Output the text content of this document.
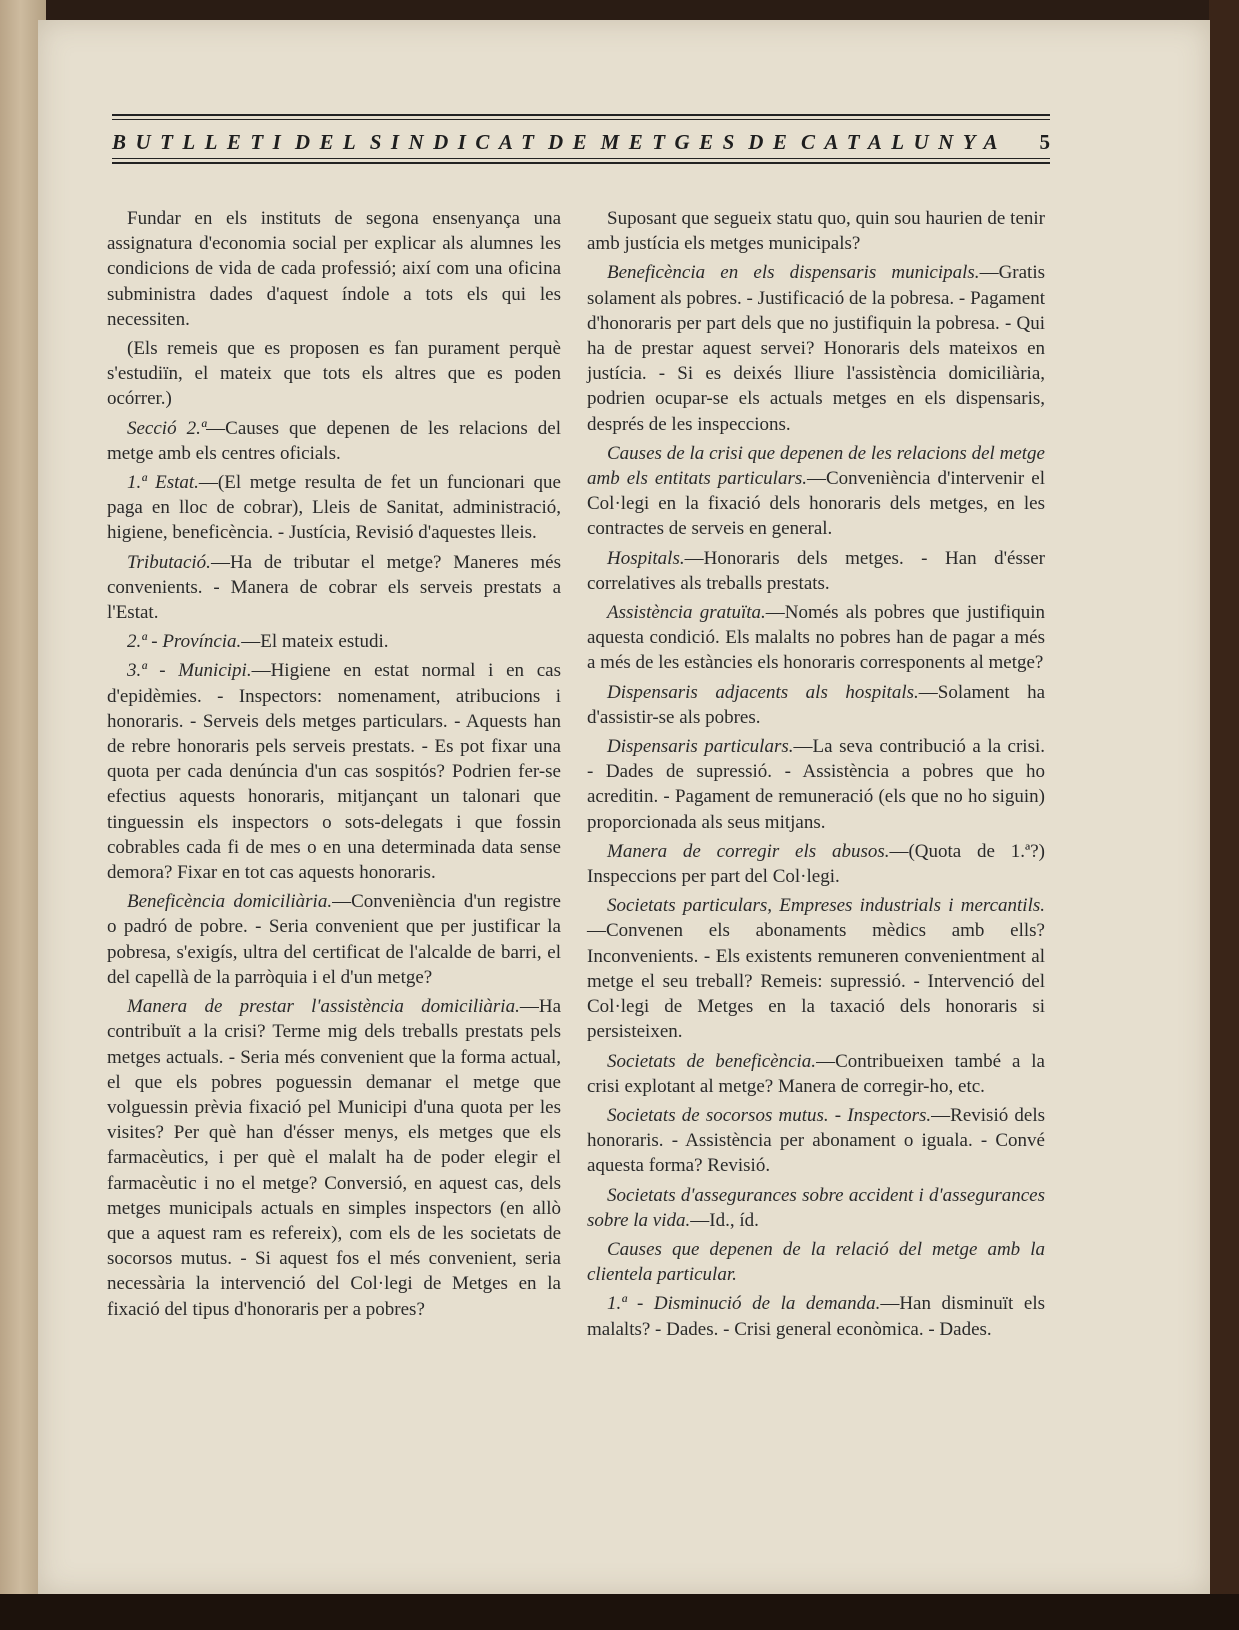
BUTLLETI DEL SINDICAT DE METGES DE CATALUNYA 5

Fundar en els instituts de segona ensenyança una assignatura d'economia social per explicar als alumnes les condicions de vida de cada professió; així com una oficina subministra dades d'aquest índole a tots els qui les necessiten.

(Els remeis que es proposen es fan purament perquè s'estudiïn, el mateix que tots els altres que es poden ocórrer.)

Secció 2.ª—Causes que depenen de les relacions del metge amb els centres oficials.

1.ª Estat.—(El metge resulta de fet un funcionari que paga en lloc de cobrar), Lleis de Sanitat, administració, higiene, beneficència. - Justícia, Revisió d'aquestes lleis.

Tributació.—Ha de tributar el metge? Maneres més convenients. - Manera de cobrar els serveis prestats a l'Estat.

2.ª - Província.—El mateix estudi.

3.ª - Municipi.—Higiene en estat normal i en cas d'epidèmies. - Inspectors: nomenament, atribucions i honoraris. - Serveis dels metges particulars. - Aquests han de rebre honoraris pels serveis prestats. - Es pot fixar una quota per cada denúncia d'un cas sospitós? Podrien fer-se efectius aquests honoraris, mitjançant un talonari que tinguessin els inspectors o sots-delegats i que fossin cobrables cada fi de mes o en una determinada data sense demora? Fixar en tot cas aquests honoraris.

Beneficència domiciliària.—Conveniència d'un registre o padró de pobre. - Seria convenient que per justificar la pobresa, s'exigís, ultra del certificat de l'alcalde de barri, el del capellà de la parròquia i el d'un metge?

Manera de prestar l'assistència domiciliària.—Ha contribuït a la crisi? Terme mig dels treballs prestats pels metges actuals. - Seria més convenient que la forma actual, el que els pobres poguessin demanar el metge que volguessin prèvia fixació pel Municipi d'una quota per les visites? Per què han d'ésser menys, els metges que els farmacèutics, i per què el malalt ha de poder elegir el farmacèutic i no el metge? Conversió, en aquest cas, dels metges municipals actuals en simples inspectors (en allò que a aquest ram es refereix), com els de les societats de socorsos mutus. - Si aquest fos el més convenient, seria necessària la intervenció del Col·legi de Metges en la fixació del tipus d'honoraris per a pobres?

Suposant que segueix statu quo, quin sou haurien de tenir amb justícia els metges municipals?

Beneficència en els dispensaris municipals.—Gratis solament als pobres. - Justificació de la pobresa. - Pagament d'honoraris per part dels que no justifiquin la pobresa. - Qui ha de prestar aquest servei? Honoraris dels mateixos en justícia. - Si es deixés lliure l'assistència domiciliària, podrien ocupar-se els actuals metges en els dispensaris, després de les inspeccions.

Causes de la crisi que depenen de les relacions del metge amb els entitats particulars.—Conveniència d'intervenir el Col·legi en la fixació dels honoraris dels metges, en les contractes de serveis en general.

Hospitals.—Honoraris dels metges. - Han d'ésser correlatives als treballs prestats.

Assistència gratuïta.—Només als pobres que justifiquin aquesta condició. Els malalts no pobres han de pagar a més a més de les estàncies els honoraris corresponents al metge?

Dispensaris adjacents als hospitals.—Solament ha d'assistir-se als pobres.

Dispensaris particulars.—La seva contribució a la crisi. - Dades de supressió. - Assistència a pobres que ho acreditin. - Pagament de remuneració (els que no ho siguin) proporcionada als seus mitjans.

Manera de corregir els abusos.—(Quota de 1.ª?) Inspeccions per part del Col·legi.

Societats particulars, Empreses industrials i mercantils.—Convenen els abonaments mèdics amb ells? Inconvenients. - Els existents remuneren convenientment al metge el seu treball? Remeis: supressió. - Intervenció del Col·legi de Metges en la taxació dels honoraris si persisteixen.

Societats de beneficència.—Contribueixen també a la crisi explotant al metge? Manera de corregir-ho, etc.

Societats de socorsos mutus. - Inspectors.—Revisió dels honoraris. - Assistència per abonament o iguala. - Convé aquesta forma? Revisió.

Societats d'assegurances sobre accident i d'assegurances sobre la vida.—Id., íd.

Causes que depenen de la relació del metge amb la clientela particular.

1.ª - Disminució de la demanda.—Han disminuït els malalts? - Dades. - Crisi general econòmica. - Dades.
